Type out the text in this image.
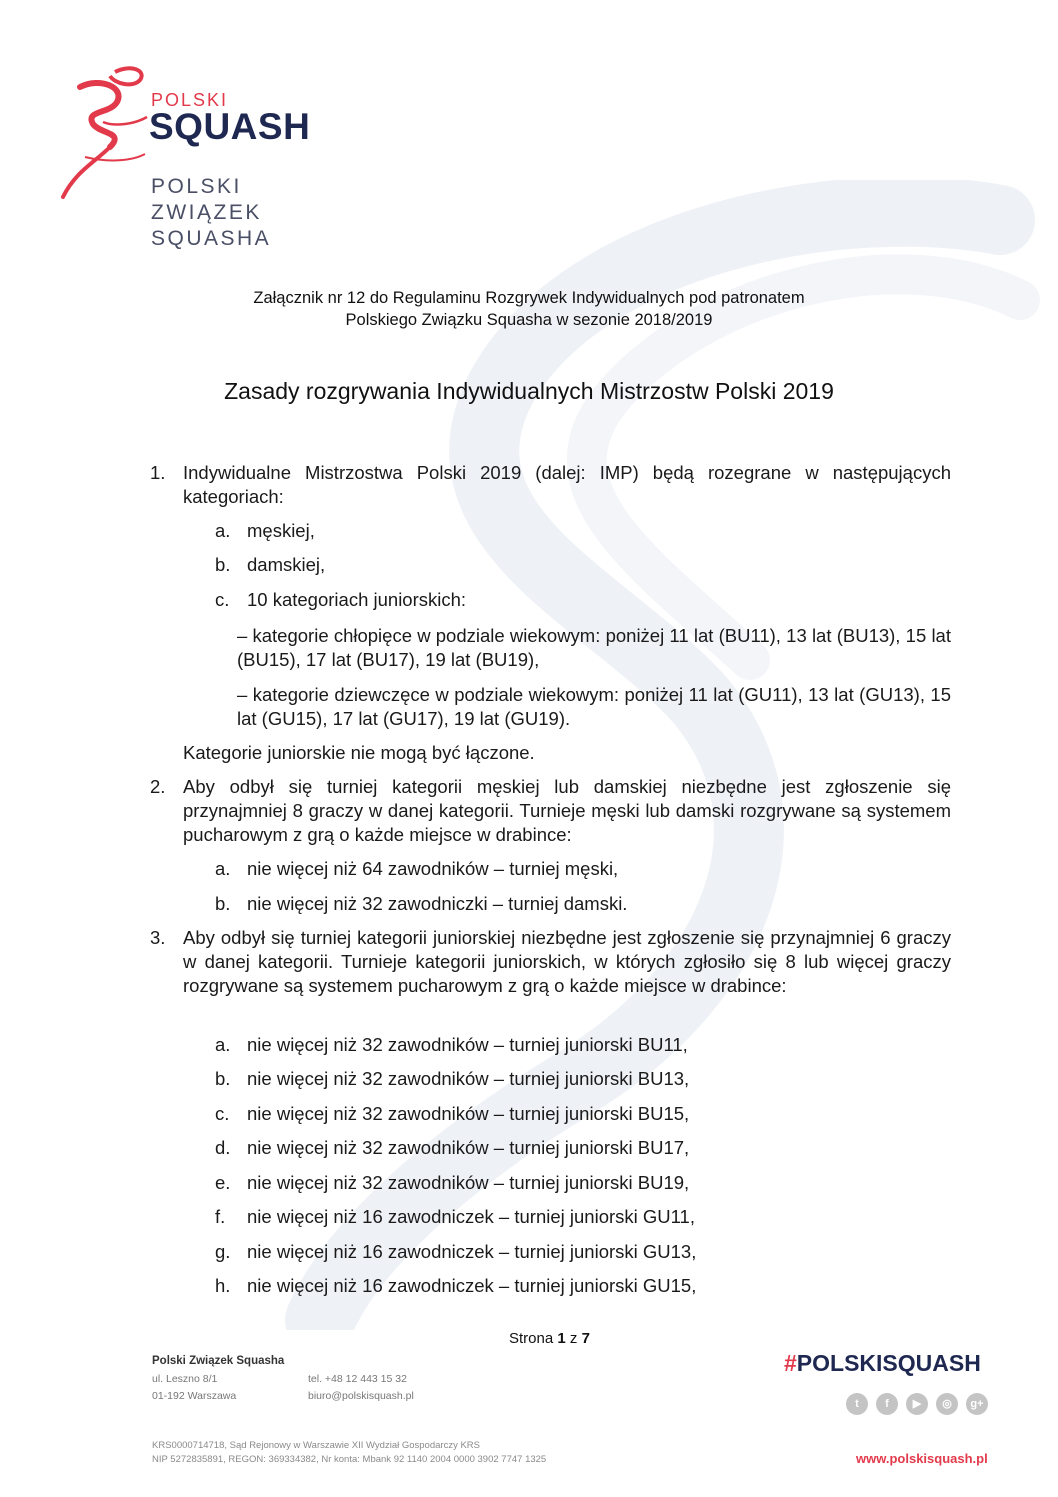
POLSKI
SQUASH
POLSKI
ZWIĄZEK
SQUASHA
Załącznik nr 12 do Regulaminu Rozgrywek Indywidualnych pod patronatem
Polskiego Związku Squasha w sezonie 2018/2019
Zasady rozgrywania Indywidualnych Mistrzostw Polski 2019
1. Indywidualne Mistrzostwa Polski 2019 (dalej: IMP) będą rozegrane w następujących kategoriach:
a. męskiej,
b. damskiej,
c. 10 kategoriach juniorskich:
– kategorie chłopięce w podziale wiekowym: poniżej 11 lat (BU11), 13 lat (BU13), 15 lat (BU15), 17 lat (BU17), 19 lat (BU19),
– kategorie dziewczęce w podziale wiekowym: poniżej 11 lat (GU11), 13 lat (GU13), 15 lat (GU15), 17 lat (GU17), 19 lat (GU19).
Kategorie juniorskie nie mogą być łączone.
2. Aby odbył się turniej kategorii męskiej lub damskiej niezbędne jest zgłoszenie się przynajmniej 8 graczy w danej kategorii. Turnieje męski lub damski rozgrywane są systemem pucharowym z grą o każde miejsce w drabince:
a. nie więcej niż 64 zawodników – turniej męski,
b. nie więcej niż 32 zawodniczki – turniej damski.
3. Aby odbył się turniej kategorii juniorskiej niezbędne jest zgłoszenie się przynajmniej 6 graczy w danej kategorii. Turnieje kategorii juniorskich, w których zgłosiło się 8 lub więcej graczy rozgrywane są systemem pucharowym z grą o każde miejsce w drabince:
a. nie więcej niż 32 zawodników – turniej juniorski BU11,
b. nie więcej niż 32 zawodników – turniej juniorski BU13,
c. nie więcej niż 32 zawodników – turniej juniorski BU15,
d. nie więcej niż 32 zawodników – turniej juniorski BU17,
e. nie więcej niż 32 zawodników – turniej juniorski BU19,
f. nie więcej niż 16 zawodniczek – turniej juniorski GU11,
g. nie więcej niż 16 zawodniczek – turniej juniorski GU13,
h. nie więcej niż 16 zawodniczek – turniej juniorski GU15,
Strona 1 z 7
Polski Związek Squasha
ul. Leszno 8/1
01-192 Warszawa
tel. +48 12 443 15 32
biuro@polskisquash.pl
KRS0000714718, Sąd Rejonowy w Warszawie XII Wydział Gospodarczy KRS
NIP 5272835891, REGON: 369334382, Nr konta: Mbank 92 1140 2004 0000 3902 7747 1325
#POLSKISQUASH
t	f	▶	◎	g+
www.polskisquash.pl
